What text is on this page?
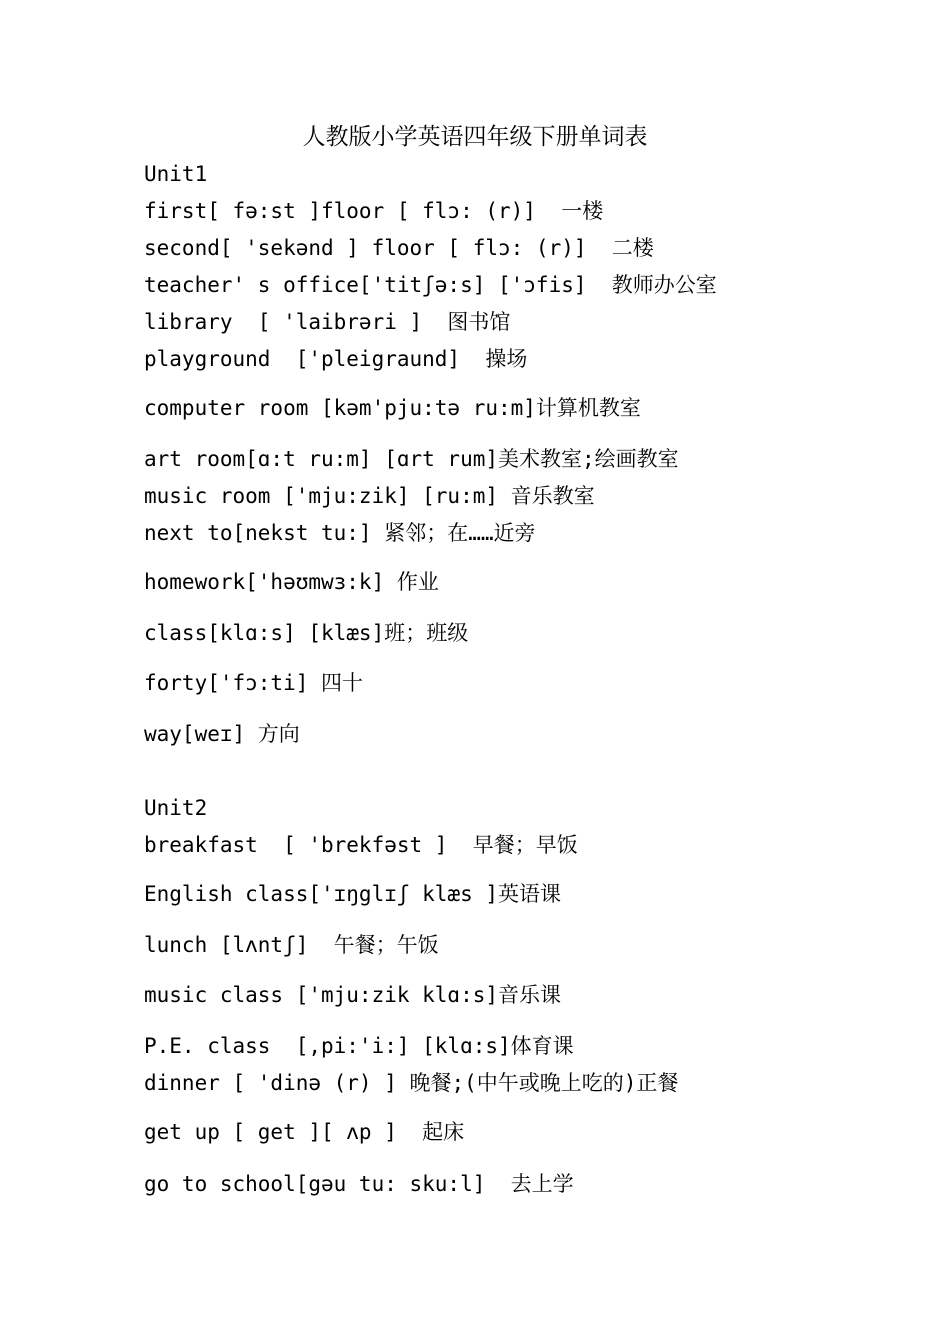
人教版小学英语四年级下册单词表
Unit1
first[ fə:st ]floor [ flɔ: (r)]  一楼
second[ 'sekənd ] floor [ flɔ: (r)]  二楼
teacher' s office['titʃə:s] ['ɔfis]  教师办公室
library  [ 'laibrəri ]  图书馆
playground  ['pleigraund]  操场
computer room [kəm'pju:tə ru:m]计算机教室
art room[ɑ:t ru:m] [ɑrt rum]美术教室;绘画教室
music room ['mju:zik] [ru:m] 音乐教室
next to[nekst tu:] 紧邻；在……近旁
homework['həʊmwɜ:k] 作业
class[klɑ:s] [klæs]班；班级
forty['fɔ:ti] 四十
way[weɪ] 方向
Unit2
breakfast  [ 'brekfəst ]  早餐；早饭
English class['ɪŋglɪʃ klæs ]英语课
lunch [lʌntʃ]  午餐；午饭
music class ['mju:zik klɑ:s]音乐课
P.E. class  [,pi:'i:] [klɑ:s]体育课
dinner [ 'dinə (r) ] 晚餐;(中午或晚上吃的)正餐
get up [ get ][ ʌp ]  起床
go to school[gəu tu: sku:l]  去上学
